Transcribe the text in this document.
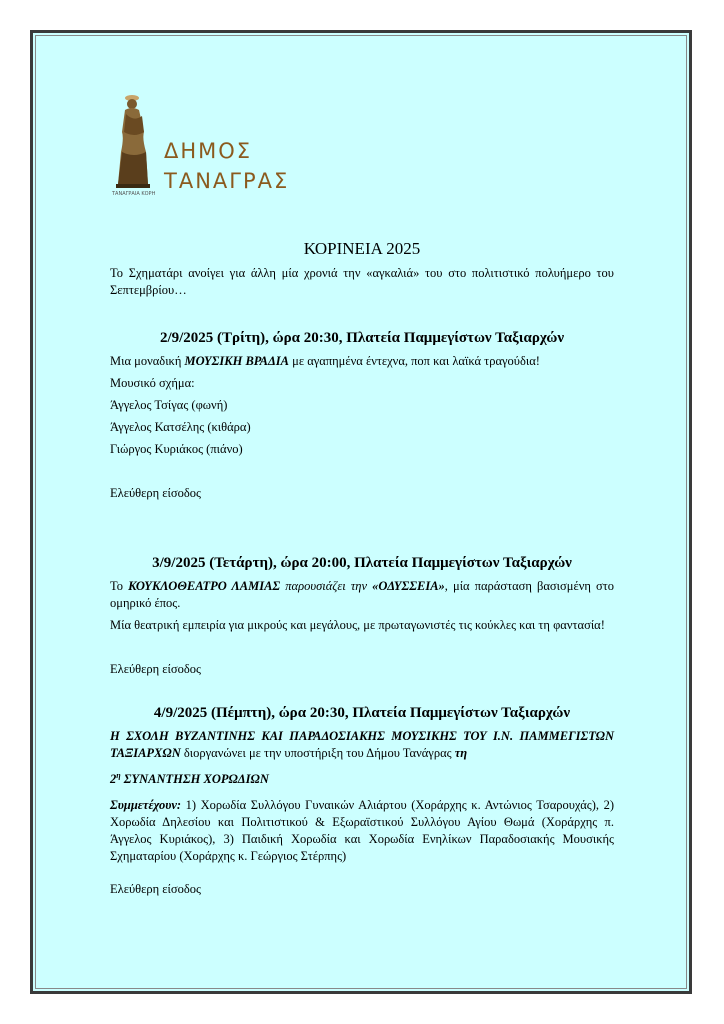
ΔΗΜΟΣ
ΤΑΝΑΓΡΑΣ
ΤΑΝΑΓΡΑΙΑ ΚΟΡΗ
ΚΟΡΙΝΕΙΑ 2025

Το Σχηματάρι ανοίγει για άλλη μία χρονιά την «αγκαλιά» του στο πολιτιστικό πολυήμερο του Σεπτεμβρίου…

2/9/2025 (Τρίτη), ώρα 20:30, Πλατεία Παμμεγίστων Ταξιαρχών

Μια μοναδική ΜΟΥΣΙΚΗ ΒΡΑΔΙΑ με αγαπημένα έντεχνα, ποπ και λαϊκά τραγούδια!

Μουσικό σχήμα:

Άγγελος Τσίγας (φωνή)

Άγγελος Κατσέλης (κιθάρα)

Γιώργος Κυριάκος (πιάνο)

Ελεύθερη είσοδος

3/9/2025 (Τετάρτη), ώρα 20:00, Πλατεία Παμμεγίστων Ταξιαρχών

Το ΚΟΥΚΛΟΘΕΑΤΡΟ ΛΑΜΙΑΣ παρουσιάζει την «ΟΔΥΣΣΕΙΑ», μία παράσταση βασισμένη στο ομηρικό έπος.

Μία θεατρική εμπειρία για μικρούς και μεγάλους, με πρωταγωνιστές τις κούκλες και τη φαντασία!

Ελεύθερη είσοδος

4/9/2025 (Πέμπτη), ώρα 20:30, Πλατεία Παμμεγίστων Ταξιαρχών

Η ΣΧΟΛΗ ΒΥΖΑΝΤΙΝΗΣ ΚΑΙ ΠΑΡΑΔΟΣΙΑΚΗΣ ΜΟΥΣΙΚΗΣ ΤΟΥ Ι.Ν. ΠΑΜΜΕΓΙΣΤΩΝ ΤΑΞΙΑΡΧΩΝ διοργανώνει με την υποστήριξη του Δήμου Τανάγρας τη

$2^\eta$ ΣΥΝΑΝΤΗΣΗ ΧΟΡΩΔΙΩΝ

Συμμετέχουν: 1) Χορωδία Συλλόγου Γυναικών Αλιάρτου (Χοράρχης κ. Αντώνιος Τσαρουχάς), 2) Χορωδία Δηλεσίου και Πολιτιστικού & Εξωραϊστικού Συλλόγου Αγίου Θωμά (Χοράρχης π. Άγγελος Κυριάκος), 3) Παιδική Χορωδία και Χορωδία Ενηλίκων Παραδοσιακής Μουσικής Σχηματαρίου (Χοράρχης κ. Γεώργιος Στέρπης)

Ελεύθερη είσοδος
